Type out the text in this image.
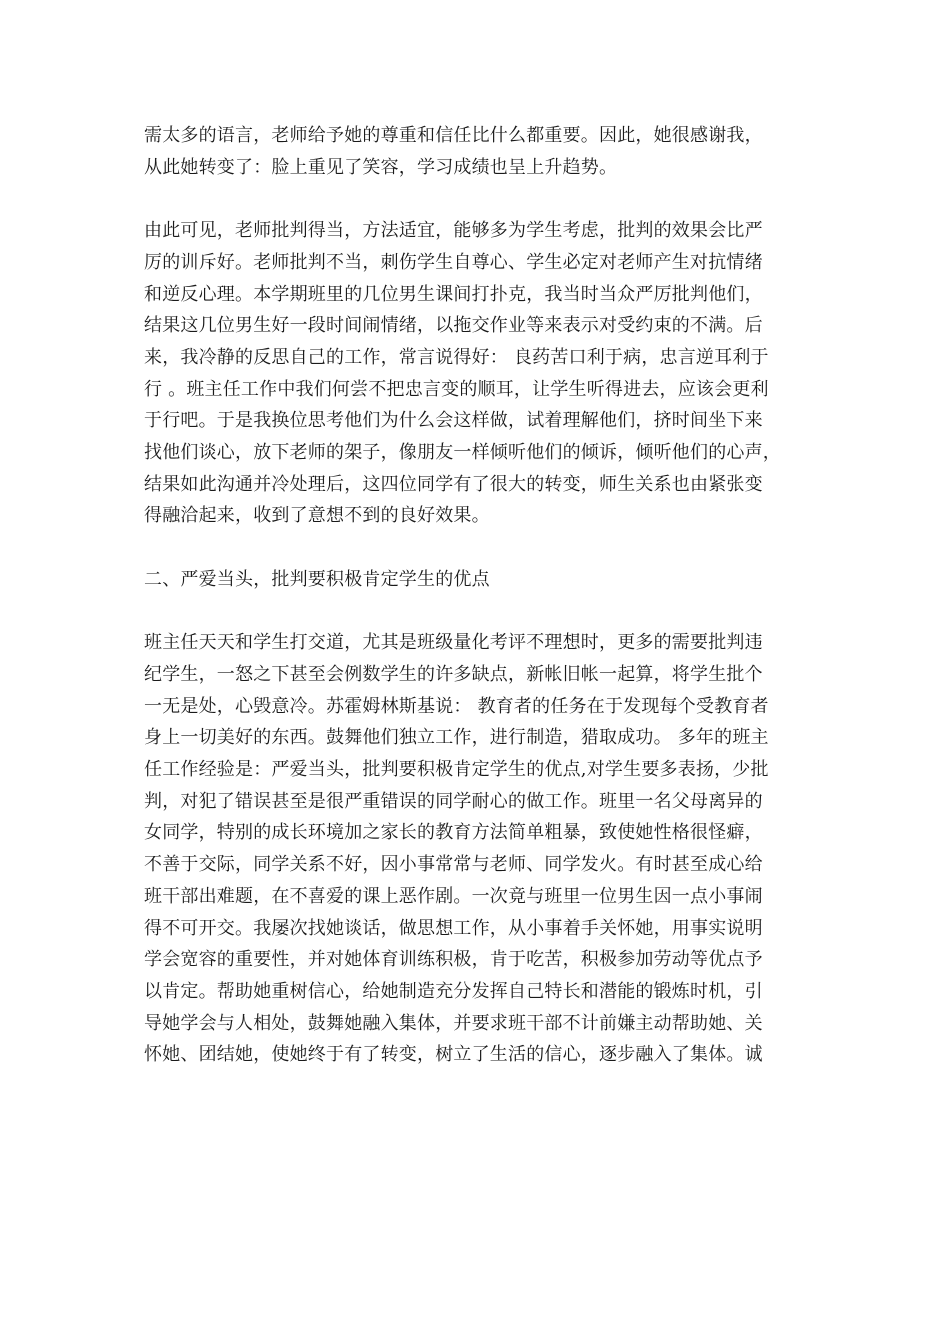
需太多的语言，老师给予她的尊重和信任比什么都重要。因此，她很感谢我，
从此她转变了：脸上重见了笑容，学习成绩也呈上升趋势。
由此可见，老师批判得当，方法适宜，能够多为学生考虑，批判的效果会比严
厉的训斥好。老师批判不当，刺伤学生自尊心、学生必定对老师产生对抗情绪
和逆反心理。本学期班里的几位男生课间打扑克，我当时当众严厉批判他们，
结果这几位男生好一段时间闹情绪，以拖交作业等来表示对受约束的不满。后
来，我冷静的反思自己的工作，常言说得好： 良药苦口利于病，忠言逆耳利于
行 。班主任工作中我们何尝不把忠言变的顺耳，让学生听得进去，应该会更利
于行吧。于是我换位思考他们为什么会这样做，试着理解他们，挤时间坐下来
找他们谈心，放下老师的架子，像朋友一样倾听他们的倾诉，倾听他们的心声，
结果如此沟通并冷处理后，这四位同学有了很大的转变，师生关系也由紧张变
得融洽起来，收到了意想不到的良好效果。
二、严爱当头，批判要积极肯定学生的优点
班主任天天和学生打交道，尤其是班级量化考评不理想时，更多的需要批判违
纪学生，一怒之下甚至会例数学生的许多缺点，新帐旧帐一起算，将学生批个
一无是处，心毁意冷。苏霍姆林斯基说： 教育者的任务在于发现每个受教育者
身上一切美好的东西。鼓舞他们独立工作，进行制造，猎取成功。 多年的班主
任工作经验是：严爱当头，批判要积极肯定学生的优点,对学生要多表扬，少批
判，对犯了错误甚至是很严重错误的同学耐心的做工作。班里一名父母离异的
女同学，特别的成长环境加之家长的教育方法简单粗暴，致使她性格很怪癖，
不善于交际，同学关系不好，因小事常常与老师、同学发火。有时甚至成心给
班干部出难题，在不喜爱的课上恶作剧。一次竟与班里一位男生因一点小事闹
得不可开交。我屡次找她谈话，做思想工作，从小事着手关怀她，用事实说明
学会宽容的重要性，并对她体育训练积极，肯于吃苦，积极参加劳动等优点予
以肯定。帮助她重树信心，给她制造充分发挥自己特长和潜能的锻炼时机，引
导她学会与人相处，鼓舞她融入集体，并要求班干部不计前嫌主动帮助她、关
怀她、团结她，使她终于有了转变，树立了生活的信心，逐步融入了集体。诚
